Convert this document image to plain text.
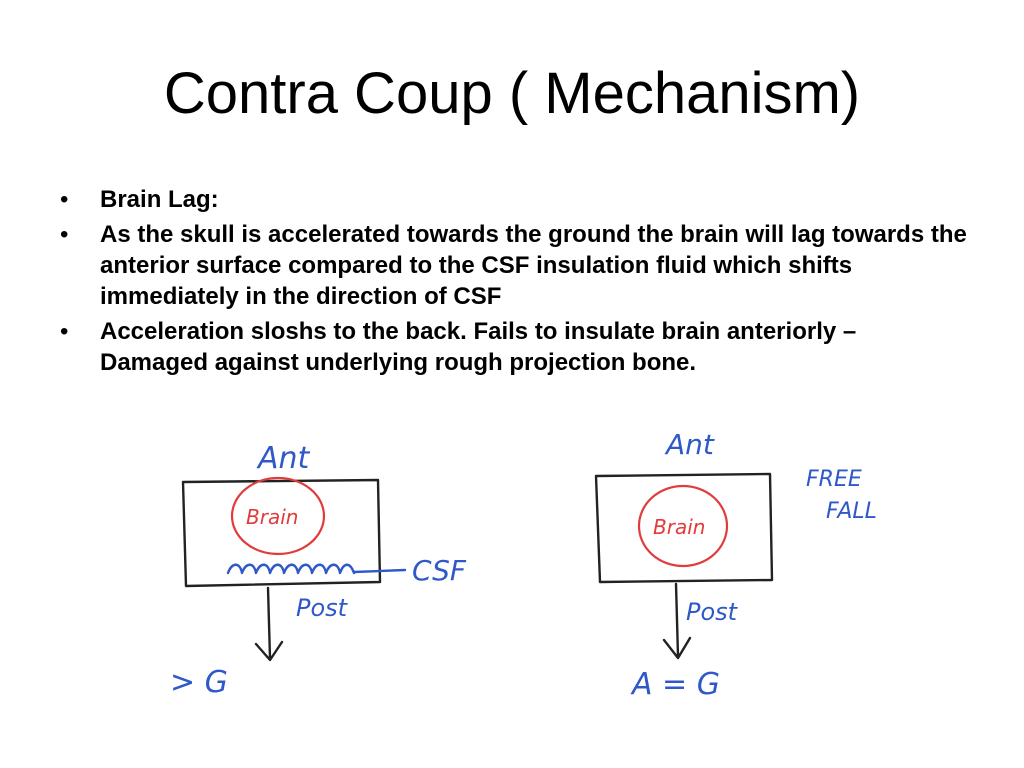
Contra Coup ( Mechanism)
• Brain Lag:
• As the skull is accelerated towards the ground the brain will lag towards the anterior surface compared to the CSF insulation fluid which shifts immediately in the direction of CSF
• Acceleration sloshs to the back. Fails to insulate brain anteriorly – Damaged against underlying rough projection bone.
Ant
Brain
CSF
Post
> G
Ant
Brain
FREE
FALL
Post
A = G
